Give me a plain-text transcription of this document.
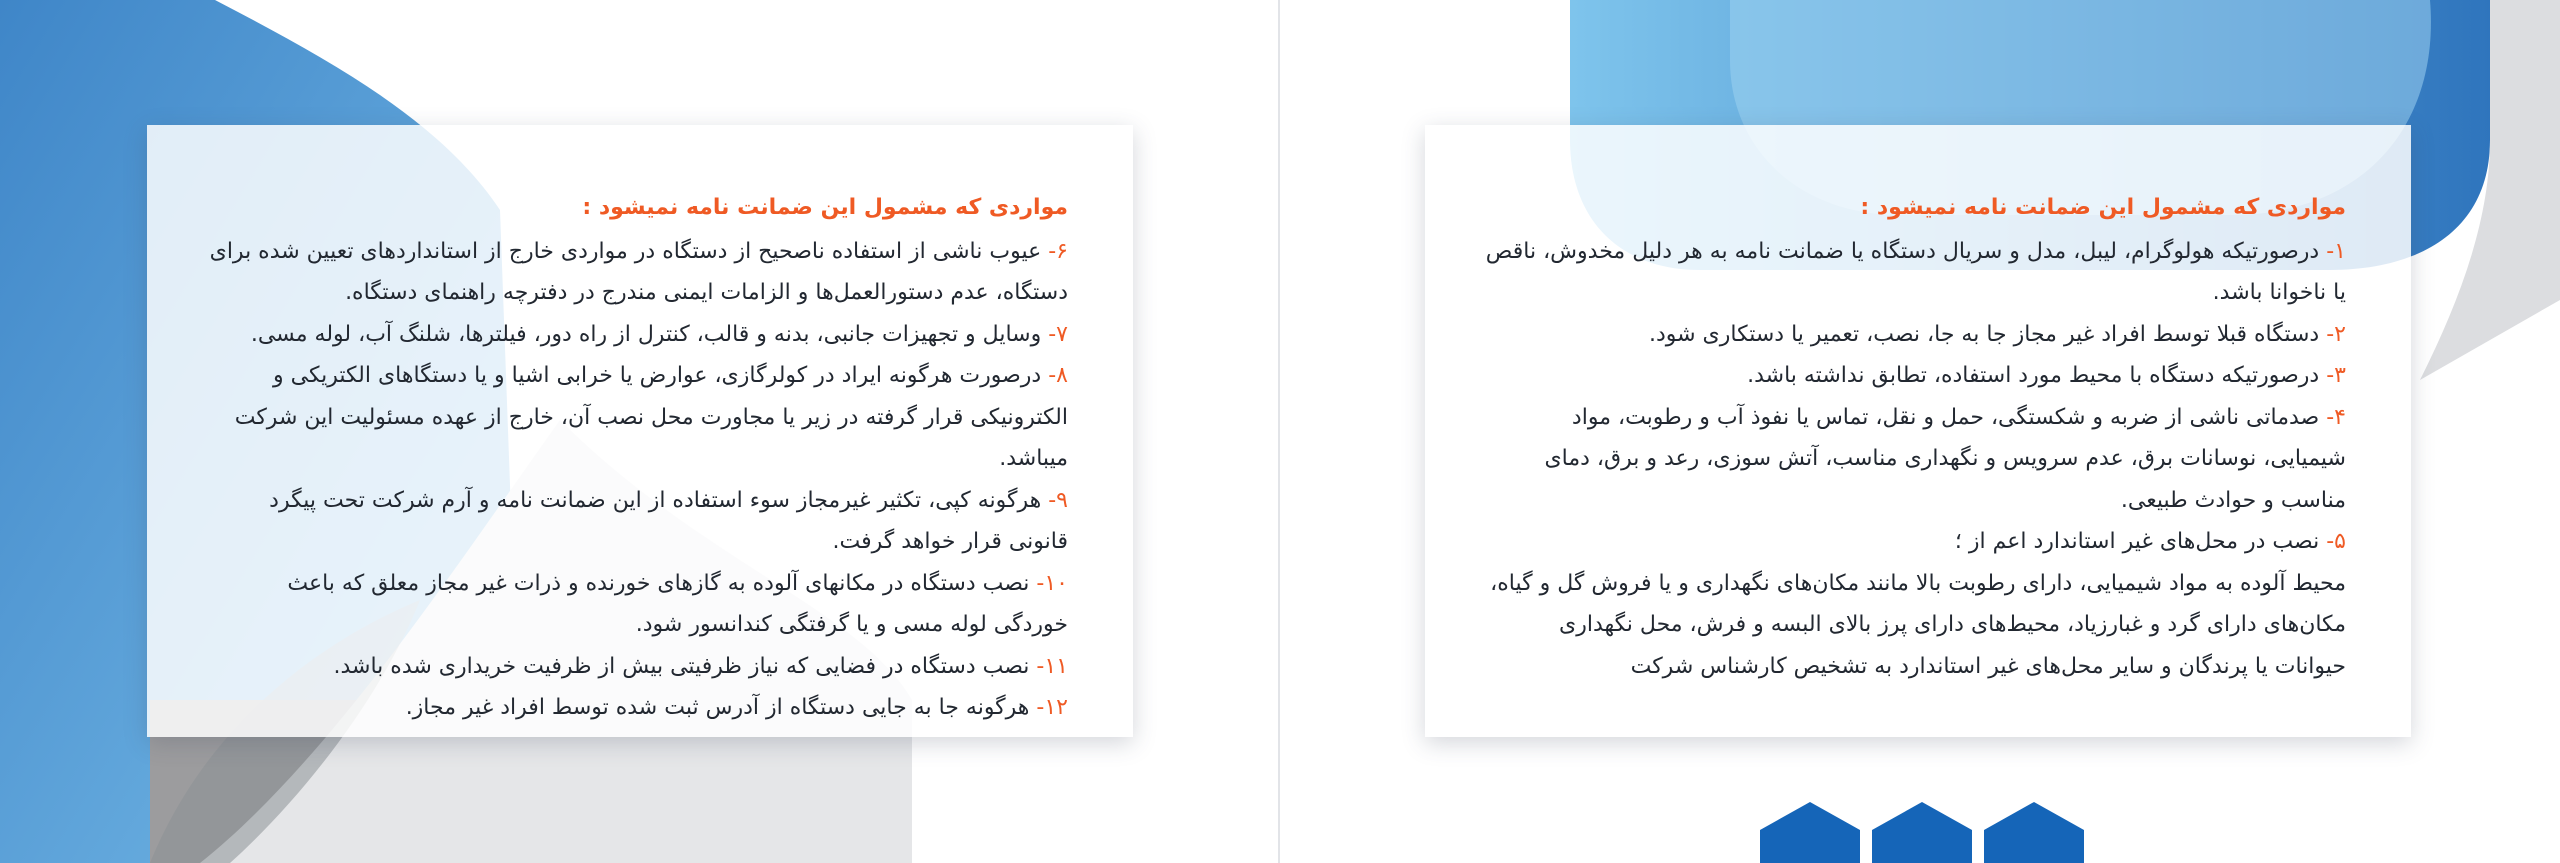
مواردی که مشمول این ضمانت نامه نمیشود :

۶- عیوب ناشی از استفاده ناصحیح از دستگاه در مواردی خارج از استانداردهای تعیین شده برای دستگاه، عدم دستورالعمل‌ها و الزامات ایمنی مندرج در دفترچه راهنمای دستگاه.

۷- وسایل و تجهیزات جانبی، بدنه و قالب، کنترل از راه دور، فیلترها، شلنگ آب، لوله مسی.

۸- درصورت هرگونه ایراد در کولرگازی، عوارض یا خرابی اشیا و یا دستگاهای الکتریکی و الکترونیکی قرار گرفته در زیر یا مجاورت محل نصب آن، خارج از عهده مسئولیت این شرکت میباشد.

۹- هرگونه کپی، تکثیر غیرمجاز سوء استفاده از این ضمانت نامه و آرم شرکت تحت پیگرد قانونی قرار خواهد گرفت.

۱۰- نصب دستگاه در مکانهای آلوده به گازهای خورنده و ذرات غیر مجاز معلق که باعث خوردگی لوله مسی و یا گرفتگی کندانسور شود.

۱۱- نصب دستگاه در فضایی که نیاز ظرفیتی بیش از ظرفیت خریداری شده باشد.

۱۲- هرگونه جا به جایی دستگاه از آدرس ثبت شده توسط افراد غیر مجاز.

مواردی که مشمول این ضمانت نامه نمیشود :

۱- درصورتیکه هولوگرام، لیبل، مدل و سریال دستگاه یا ضمانت نامه به هر دلیل مخدوش، ناقص یا ناخوانا باشد.

۲- دستگاه قبلا توسط افراد غیر مجاز جا به جا، نصب، تعمیر یا دستکاری شود.

۳- درصورتیکه دستگاه با محیط مورد استفاده، تطابق نداشته باشد.

۴- صدماتی ناشی از ضربه و شکستگی، حمل و نقل، تماس یا نفوذ آب و رطوبت، مواد شیمیایی، نوسانات برق، عدم سرویس و نگهداری مناسب، آتش سوزی، رعد و برق، دمای مناسب و حوادث طبیعی.

۵- نصب در محل‌های غیر استاندارد اعم از ؛

محیط آلوده به مواد شیمیایی، دارای رطوبت بالا مانند مکان‌های نگهداری و یا فروش گل و گیاه، مکان‌های دارای گرد و غبارزیاد، محیط‌های دارای پرز بالای البسه و فرش، محل نگهداری حیوانات یا پرندگان و سایر محل‌های غیر استاندارد به تشخیص کارشناس شرکت
